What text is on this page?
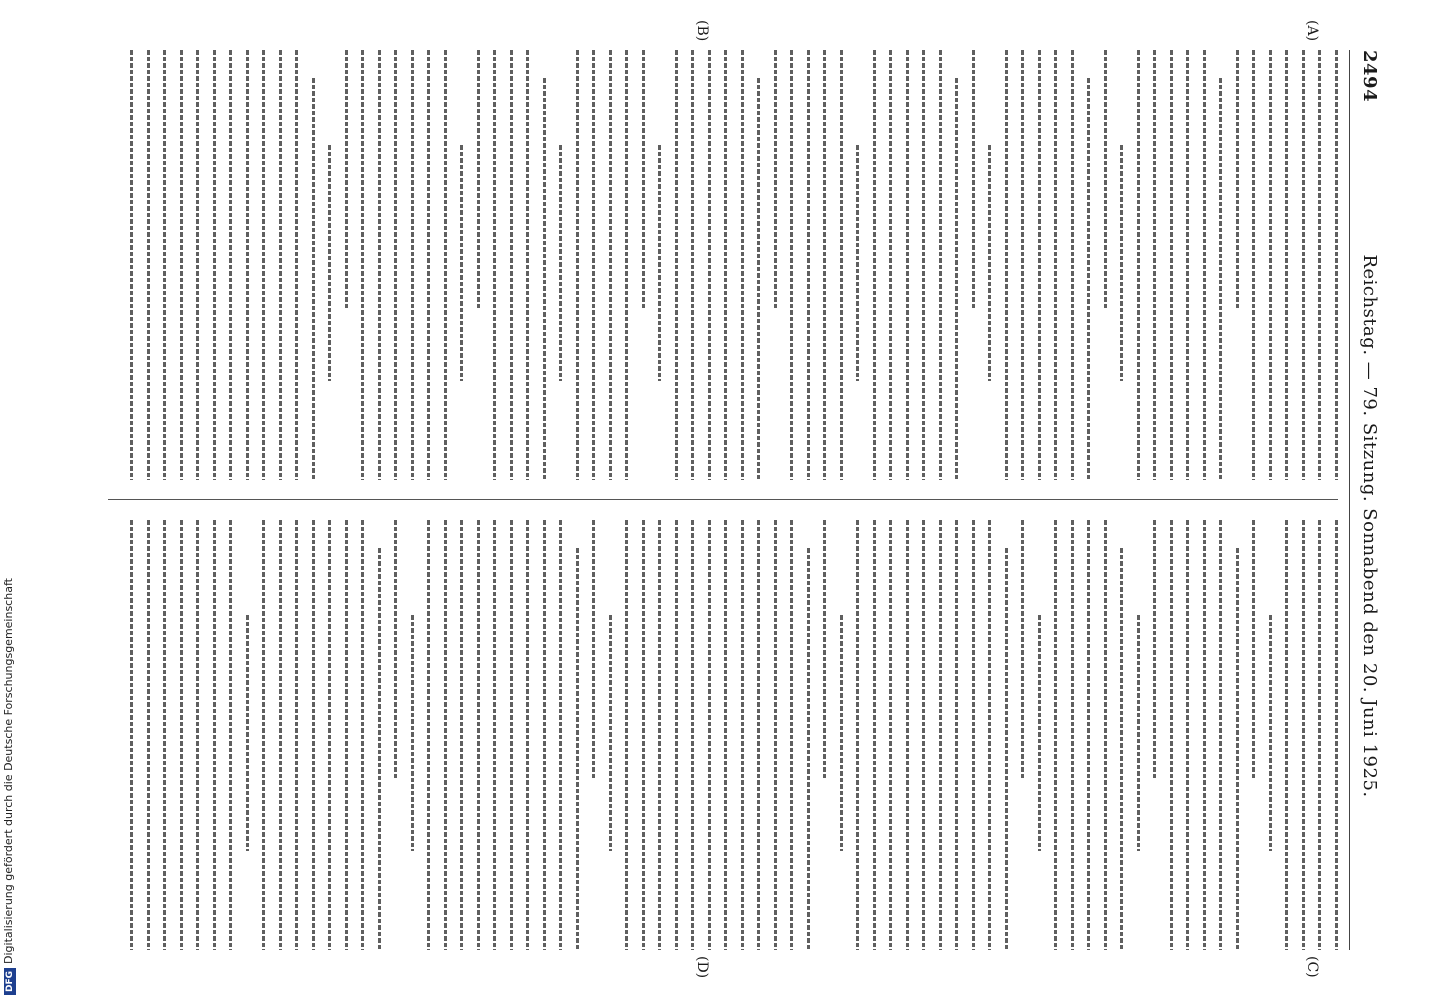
2494
Reichstag. — 79. Sitzung. Sonnabend den 20. Juni 1925.
(A)
(B)
(C)
(D)
DFGDigitalisierung gefördert durch die Deutsche Forschungsgemeinschaft
